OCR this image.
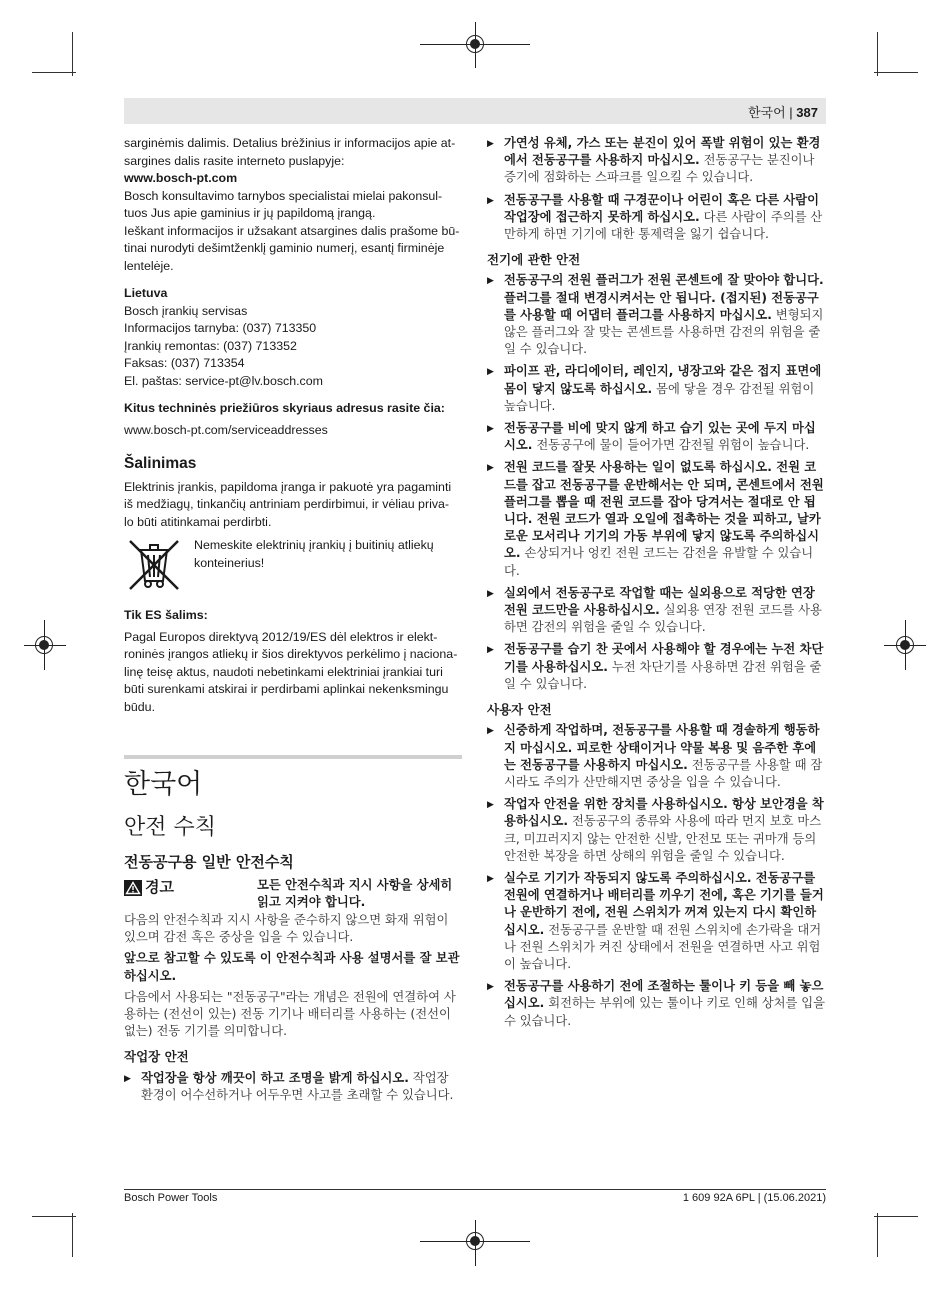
한국어 | 387

sarginėmis dalimis. Detalius brėžinius ir informacijos apie at-

sargines dalis rasite interneto puslapyje:

www.bosch-pt.com

Bosch konsultavimo tarnybos specialistai mielai pakonsul-

tuos Jus apie gaminius ir jų papildomą įrangą.

Ieškant informacijos ir užsakant atsargines dalis prašome bū-

tinai nurodyti dešimtženklį gaminio numerį, esantį firminėje

lentelėje.

Lietuva

Bosch įrankių servisas

Informacijos tarnyba: (037) 713350

Įrankių remontas: (037) 713352

Faksas: (037) 713354

El. paštas: service-pt@lv.bosch.com

Kitus techninės priežiūros skyriaus adresus rasite čia:

www.bosch-pt.com/serviceaddresses

Šalinimas

Elektrinis įrankis, papildoma įranga ir pakuotė yra pagaminti

iš medžiagų, tinkančių antriniam perdirbimui, ir vėliau priva-

lo būti atitinkamai perdirbti.

Nemeskite elektrinių įrankių į buitinių atliekų

konteinerius!

Tik ES šalims:

Pagal Europos direktyvą 2012/19/ES dėl elektros ir elekt-

roninės įrangos atliekų ir šios direktyvos perkėlimo į naciona-

linę teisę aktus, naudoti nebetinkami elektriniai įrankiai turi

būti surenkami atskirai ir perdirbami aplinkai nekenksmingu

būdu.

한국어
안전 수칙
전동공구용 일반 안전수칙
경고	모든 안전수칙과 지시 사항을 상세히 읽고 지켜야 합니다.

다음의 안전수칙과 지시 사항을 준수하지 않으면 화재 위험이 있으며 감전 혹은 중상을 입을 수 있습니다.

앞으로 참고할 수 있도록 이 안전수칙과 사용 설명서를 잘 보관하십시오.

다음에서 사용되는 "전동공구"라는 개념은 전원에 연결하여 사용하는 (전선이 있는) 전동 기기나 배터리를 사용하는 (전선이 없는) 전동 기기를 의미합니다.

작업장 안전
▶ 작업장을 항상 깨끗이 하고 조명을 밝게 하십시오. 작업장 환경이 어수선하거나 어두우면 사고를 초래할 수 있습니다.
▶ 가연성 유체, 가스 또는 분진이 있어 폭발 위험이 있는 환경에서 전동공구를 사용하지 마십시오. 전동공구는 분진이나 증기에 점화하는 스파크를 일으킬 수 있습니다.
▶ 전동공구를 사용할 때 구경꾼이나 어린이 혹은 다른 사람이 작업장에 접근하지 못하게 하십시오. 다른 사람이 주의를 산만하게 하면 기기에 대한 통제력을 잃기 쉽습니다.
전기에 관한 안전
▶ 전동공구의 전원 플러그가 전원 콘센트에 잘 맞아야 합니다. 플러그를 절대 변경시켜서는 안 됩니다. (접지된) 전동공구를 사용할 때 어댑터 플러그를 사용하지 마십시오. 변형되지 않은 플러그와 잘 맞는 콘센트를 사용하면 감전의 위험을 줄일 수 있습니다.
▶ 파이프 관, 라디에이터, 레인지, 냉장고와 같은 접지 표면에 몸이 닿지 않도록 하십시오. 몸에 닿을 경우 감전될 위험이 높습니다.
▶ 전동공구를 비에 맞지 않게 하고 습기 있는 곳에 두지 마십시오. 전동공구에 물이 들어가면 감전될 위험이 높습니다.
▶ 전원 코드를 잘못 사용하는 일이 없도록 하십시오. 전원 코드를 잡고 전동공구를 운반해서는 안 되며, 콘센트에서 전원 플러그를 뽑을 때 전원 코드를 잡아 당겨서는 절대로 안 됩니다. 전원 코드가 열과 오일에 접촉하는 것을 피하고, 날카로운 모서리나 기기의 가동 부위에 닿지 않도록 주의하십시오. 손상되거나 엉킨 전원 코드는 감전을 유발할 수 있습니다.
▶ 실외에서 전동공구로 작업할 때는 실외용으로 적당한 연장 전원 코드만을 사용하십시오. 실외용 연장 전원 코드를 사용하면 감전의 위험을 줄일 수 있습니다.
▶ 전동공구를 습기 찬 곳에서 사용해야 할 경우에는 누전 차단기를 사용하십시오. 누전 차단기를 사용하면 감전 위험을 줄일 수 있습니다.
사용자 안전
▶ 신중하게 작업하며, 전동공구를 사용할 때 경솔하게 행동하지 마십시오. 피로한 상태이거나 약물 복용 및 음주한 후에는 전동공구를 사용하지 마십시오. 전동공구를 사용할 때 잠시라도 주의가 산만해지면 중상을 입을 수 있습니다.
▶ 작업자 안전을 위한 장치를 사용하십시오. 항상 보안경을 착용하십시오. 전동공구의 종류와 사용에 따라 먼지 보호 마스크, 미끄러지지 않는 안전한 신발, 안전모 또는 귀마개 등의 안전한 복장을 하면 상해의 위험을 줄일 수 있습니다.
▶ 실수로 기기가 작동되지 않도록 주의하십시오. 전동공구를 전원에 연결하거나 배터리를 끼우기 전에, 혹은 기기를 들거나 운반하기 전에, 전원 스위치가 꺼져 있는지 다시 확인하십시오. 전동공구를 운반할 때 전원 스위치에 손가락을 대거나 전원 스위치가 켜진 상태에서 전원을 연결하면 사고 위험이 높습니다.
▶ 전동공구를 사용하기 전에 조절하는 툴이나 키 등을 빼 놓으십시오. 회전하는 부위에 있는 툴이나 키로 인해 상처를 입을 수 있습니다.
Bosch Power Tools	1 609 92A 6PL | (15.06.2021)
